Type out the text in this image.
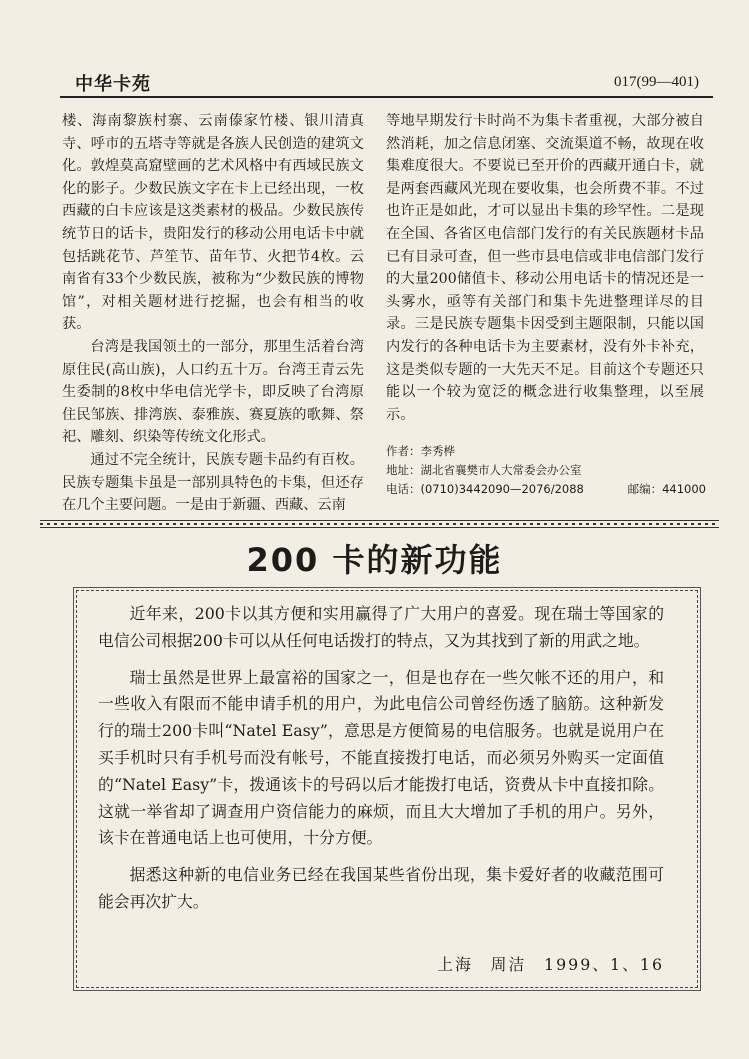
中华卡苑	017(99—401)

楼、海南黎族村寨、云南傣家竹楼、银川清真寺、呼市的五塔寺等就是各族人民创造的建筑文化。敦煌莫高窟壁画的艺术风格中有西域民族文化的影子。少数民族文字在卡上已经出现，一枚西藏的白卡应该是这类素材的极品。少数民族传统节日的话卡，贵阳发行的移动公用电话卡中就包括跳花节、芦笙节、苗年节、火把节4枚。云南省有33个少数民族，被称为“少数民族的博物馆”，对相关题材进行挖掘，也会有相当的收获。

台湾是我国领土的一部分，那里生活着台湾原住民(高山族)，人口约五十万。台湾王青云先生委制的8枚中华电信光学卡，即反映了台湾原住民邹族、排湾族、泰雅族、赛夏族的歌舞、祭祀、雕刻、织染等传统文化形式。

通过不完全统计，民族专题卡品约有百枚。民族专题集卡虽是一部别具特色的卡集，但还存在几个主要问题。一是由于新疆、西藏、云南

等地早期发行卡时尚不为集卡者重视，大部分被自然消耗，加之信息闭塞、交流渠道不畅，故现在收集难度很大。不要说已至开价的西藏开通白卡，就是两套西藏风光现在要收集，也会所费不菲。不过也许正是如此，才可以显出卡集的珍罕性。二是现在全国、各省区电信部门发行的有关民族题材卡品已有目录可查，但一些市县电信或非电信部门发行的大量200储值卡、移动公用电话卡的情况还是一头雾水，亟等有关部门和集卡先进整理详尽的目录。三是民族专题集卡因受到主题限制，只能以国内发行的各种电话卡为主要素材，没有外卡补充，这是类似专题的一大先天不足。目前这个专题还只能以一个较为宽泛的概念进行收集整理，以至展示。

作者：李秀桦
地址：湖北省襄樊市人大常委会办公室
电话：(0710)3442090—2076/2088	邮编：441000
200 卡的新功能

近年来，200卡以其方便和实用赢得了广大用户的喜爱。现在瑞士等国家的电信公司根据200卡可以从任何电话拨打的特点，又为其找到了新的用武之地。

瑞士虽然是世界上最富裕的国家之一，但是也存在一些欠帐不还的用户，和一些收入有限而不能申请手机的用户，为此电信公司曾经伤透了脑筋。这种新发行的瑞士200卡叫“Natel Easy”，意思是方便简易的电信服务。也就是说用户在买手机时只有手机号而没有帐号，不能直接拨打电话，而必须另外购买一定面值的“Natel Easy”卡，拨通该卡的号码以后才能拨打电话，资费从卡中直接扣除。这就一举省却了调查用户资信能力的麻烦，而且大大增加了手机的用户。另外，该卡在普通电话上也可使用，十分方便。

据悉这种新的电信业务已经在我国某些省份出现，集卡爱好者的收藏范围可能会再次扩大。

上海　周洁　1999、1、16
